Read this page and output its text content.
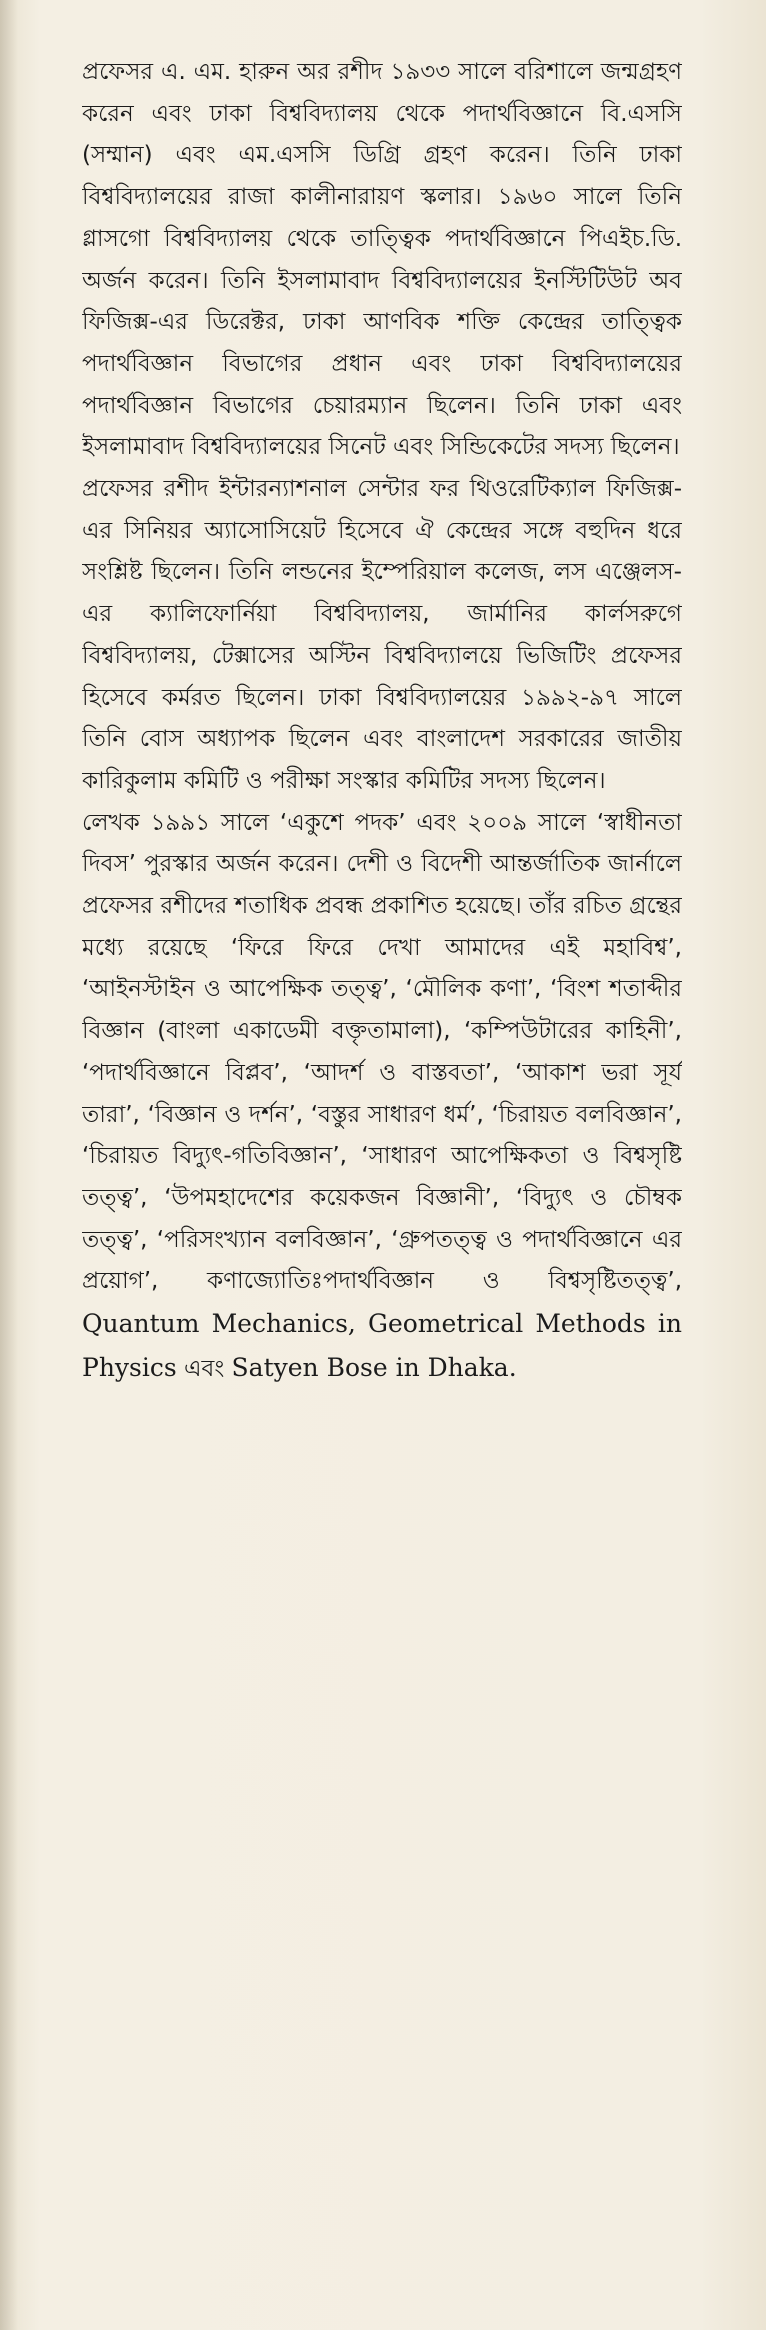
প্রফেসর এ. এম. হারুন অর রশীদ ১৯৩৩ সালে বরিশালে জন্মগ্রহণ করেন এবং ঢাকা বিশ্ববিদ্যালয় থেকে পদার্থবিজ্ঞানে বি.এসসি (সম্মান) এবং এম.এসসি ডিগ্রি গ্রহণ করেন। তিনি ঢাকা বিশ্ববিদ্যালয়ের রাজা কালীনারায়ণ স্কলার। ১৯৬০ সালে তিনি গ্লাসগো বিশ্ববিদ্যালয় থেকে তাত্ত্বিক পদার্থবিজ্ঞানে পিএইচ.ডি. অর্জন করেন। তিনি ইসলামাবাদ বিশ্ববিদ্যালয়ের ইনস্টিটিউট অব ফিজিক্স-এর ডিরেক্টর, ঢাকা আণবিক শক্তি কেন্দ্রের তাত্ত্বিক পদার্থবিজ্ঞান বিভাগের প্রধান এবং ঢাকা বিশ্ববিদ্যালয়ের পদার্থবিজ্ঞান বিভাগের চেয়ারম্যান ছিলেন। তিনি ঢাকা এবং ইসলামাবাদ বিশ্ববিদ্যালয়ের সিনেট এবং সিন্ডিকেটের সদস্য ছিলেন।

প্রফেসর রশীদ ইন্টারন্যাশনাল সেন্টার ফর থিওরেটিক্যাল ফিজিক্স-এর সিনিয়র অ্যাসোসিয়েট হিসেবে ঐ কেন্দ্রের সঙ্গে বহুদিন ধরে সংশ্লিষ্ট ছিলেন। তিনি লন্ডনের ইম্পেরিয়াল কলেজ, লস এঞ্জেলস-এর ক্যালিফোর্নিয়া বিশ্ববিদ্যালয়, জার্মানির কার্লসরুগে বিশ্ববিদ্যালয়, টেক্সাসের অস্টিন বিশ্ববিদ্যালয়ে ভিজিটিং প্রফেসর হিসেবে কর্মরত ছিলেন। ঢাকা বিশ্ববিদ্যালয়ের ১৯৯২-৯৭ সালে তিনি বোস অধ্যাপক ছিলেন এবং বাংলাদেশ সরকারের জাতীয় কারিকুলাম কমিটি ও পরীক্ষা সংস্কার কমিটির সদস্য ছিলেন।

লেখক ১৯৯১ সালে ‘একুশে পদক’ এবং ২০০৯ সালে ‘স্বাধীনতা দিবস’ পুরস্কার অর্জন করেন। দেশী ও বিদেশী আন্তর্জাতিক জার্নালে প্রফেসর রশীদের শতাধিক প্রবন্ধ প্রকাশিত হয়েছে। তাঁর রচিত গ্রন্থের মধ্যে রয়েছে ‘ফিরে ফিরে দেখা আমাদের এই মহাবিশ্ব’, ‘আইনস্টাইন ও আপেক্ষিক তত্ত্ব’, ‘মৌলিক কণা’, ‘বিংশ শতাব্দীর বিজ্ঞান (বাংলা একাডেমী বক্তৃতামালা), ‘কম্পিউটারের কাহিনী’, ‘পদার্থবিজ্ঞানে বিপ্লব’, ‘আদর্শ ও বাস্তবতা’, ‘আকাশ ভরা সূর্য তারা’, ‘বিজ্ঞান ও দর্শন’, ‘বস্তুর সাধারণ ধর্ম’, ‘চিরায়ত বলবিজ্ঞান’, ‘চিরায়ত বিদ্যুৎ-গতিবিজ্ঞান’, ‘সাধারণ আপেক্ষিকতা ও বিশ্বসৃষ্টি তত্ত্ব’, ‘উপমহাদেশের কয়েকজন বিজ্ঞানী’, ‘বিদ্যুৎ ও চৌম্বক তত্ত্ব’, ‘পরিসংখ্যান বলবিজ্ঞান’, ‘গ্রুপতত্ত্ব ও পদার্থবিজ্ঞানে এর প্রয়োগ’, কণাজ্যোতিঃপদার্থবিজ্ঞান ও বিশ্বসৃষ্টিতত্ত্ব’, Quantum Mechanics, Geometrical Methods in Physics এবং Satyen Bose in Dhaka.
